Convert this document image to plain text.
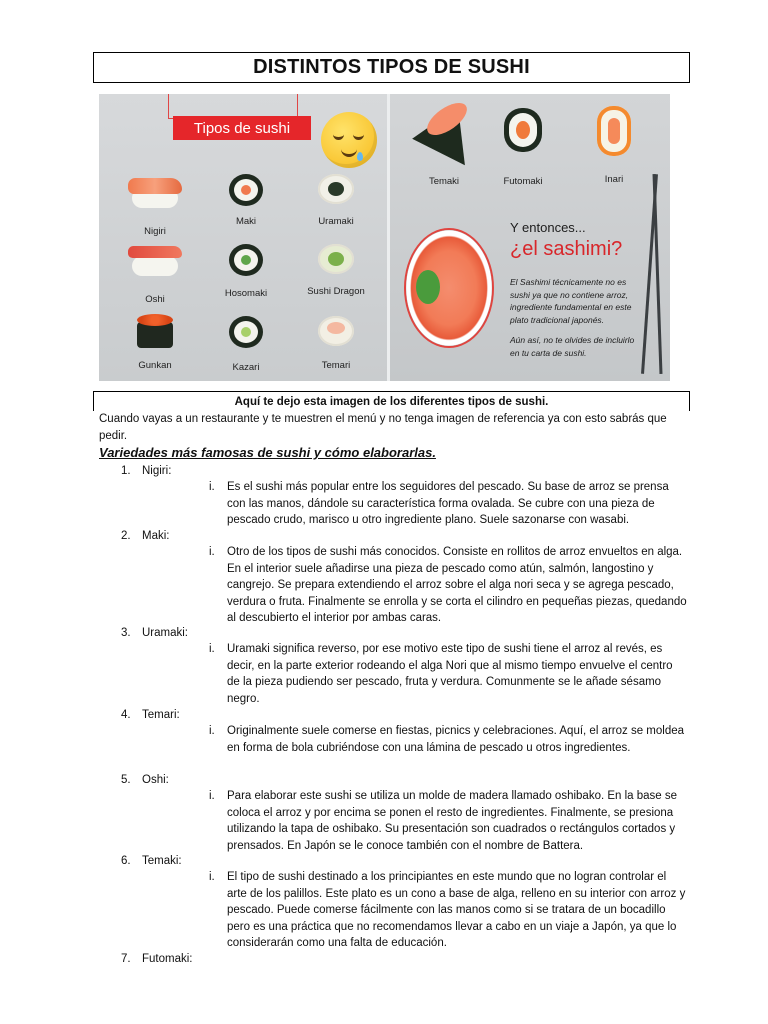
DISTINTOS TIPOS DE SUSHI
Tipos de sushi
Nigiri
Maki	Uramaki
Oshi
Hosomaki	Sushi Dragon
Gunkan	Kazari	Temari
Temaki	Futomaki	Inari
Y entonces...
¿el sashimi?
El Sashimi técnicamente no es sushi ya que no contiene arroz, ingrediente fundamental en este plato tradicional japonés.
Aún así, no te olvides de incluirlo en tu carta de sushi.
Aquí te dejo esta imagen de los diferentes tipos de sushi.
Cuando vayas a un restaurante y te muestren el menú y no tenga imagen de referencia ya con esto sabrás que pedir.
Variedades más famosas de sushi y cómo elaborarlas.
1. Nigiri:
i. Es el sushi más popular entre los seguidores del pescado. Su base de arroz se prensa con las manos, dándole su característica forma ovalada. Se cubre con una pieza de pescado crudo, marisco u otro ingrediente plano. Suele sazonarse con wasabi.
2. Maki:
i. Otro de los tipos de sushi más conocidos. Consiste en rollitos de arroz envueltos en alga. En el interior suele añadirse una pieza de pescado como atún, salmón, langostino y cangrejo. Se prepara extendiendo el arroz sobre el alga nori seca y se agrega pescado, verdura o fruta. Finalmente se enrolla y se corta el cilindro en pequeñas piezas, quedando al descubierto el interior por ambas caras.
3. Uramaki:
i. Uramaki significa reverso, por ese motivo este tipo de sushi tiene el arroz al revés, es decir, en la parte exterior rodeando el alga Nori que al mismo tiempo envuelve el centro de la pieza pudiendo ser pescado, fruta y verdura. Comunmente se le añade sésamo negro.
4. Temari:
i. Originalmente suele comerse en fiestas, picnics y celebraciones. Aquí, el arroz se moldea en forma de bola cubriéndose con una lámina de pescado u otros ingredientes.
5. Oshi:
i. Para elaborar este sushi se utiliza un molde de madera llamado oshibako. En la base se coloca el arroz y por encima se ponen el resto de ingredientes. Finalmente, se presiona utilizando la tapa de oshibako. Su presentación son cuadrados o rectángulos cortados y prensados. En Japón se le conoce también con el nombre de Battera.
6. Temaki:
i. El tipo de sushi destinado a los principiantes en este mundo que no logran controlar el arte de los palillos. Este plato es un cono a base de alga, relleno en su interior con arroz y pescado. Puede comerse fácilmente con las manos como si se tratara de un bocadillo pero es una práctica que no recomendamos llevar a cabo en un viaje a Japón, ya que lo considerarán como una falta de educación.
7. Futomaki:
